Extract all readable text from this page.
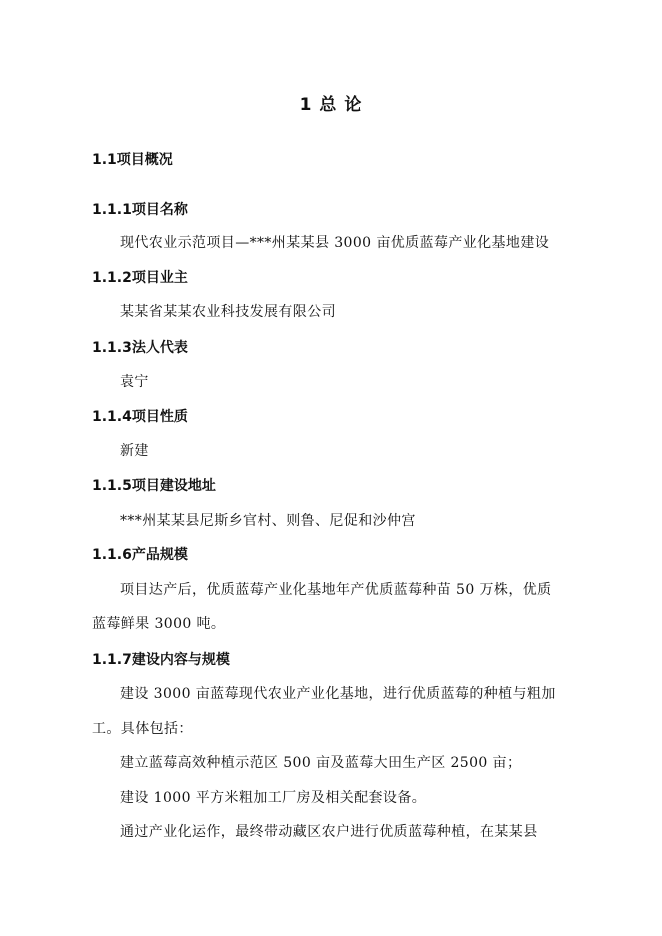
1 总 论
1.1项目概况
1.1.1项目名称
现代农业示范项目—***州某某县 3000 亩优质蓝莓产业化基地建设
1.1.2项目业主
某某省某某农业科技发展有限公司
1.1.3法人代表
袁宁
1.1.4项目性质
新建
1.1.5项目建设地址
***州某某县尼斯乡官村、则鲁、尼促和沙仲宫
1.1.6产品规模
项目达产后，优质蓝莓产业化基地年产优质蓝莓种苗 50 万株，优质
蓝莓鲜果 3000 吨。
1.1.7建设内容与规模
建设 3000 亩蓝莓现代农业产业化基地，进行优质蓝莓的种植与粗加
工。具体包括：
建立蓝莓高效种植示范区 500 亩及蓝莓大田生产区 2500 亩；
建设 1000 平方米粗加工厂房及相关配套设备。
通过产业化运作，最终带动藏区农户进行优质蓝莓种植，在某某县
